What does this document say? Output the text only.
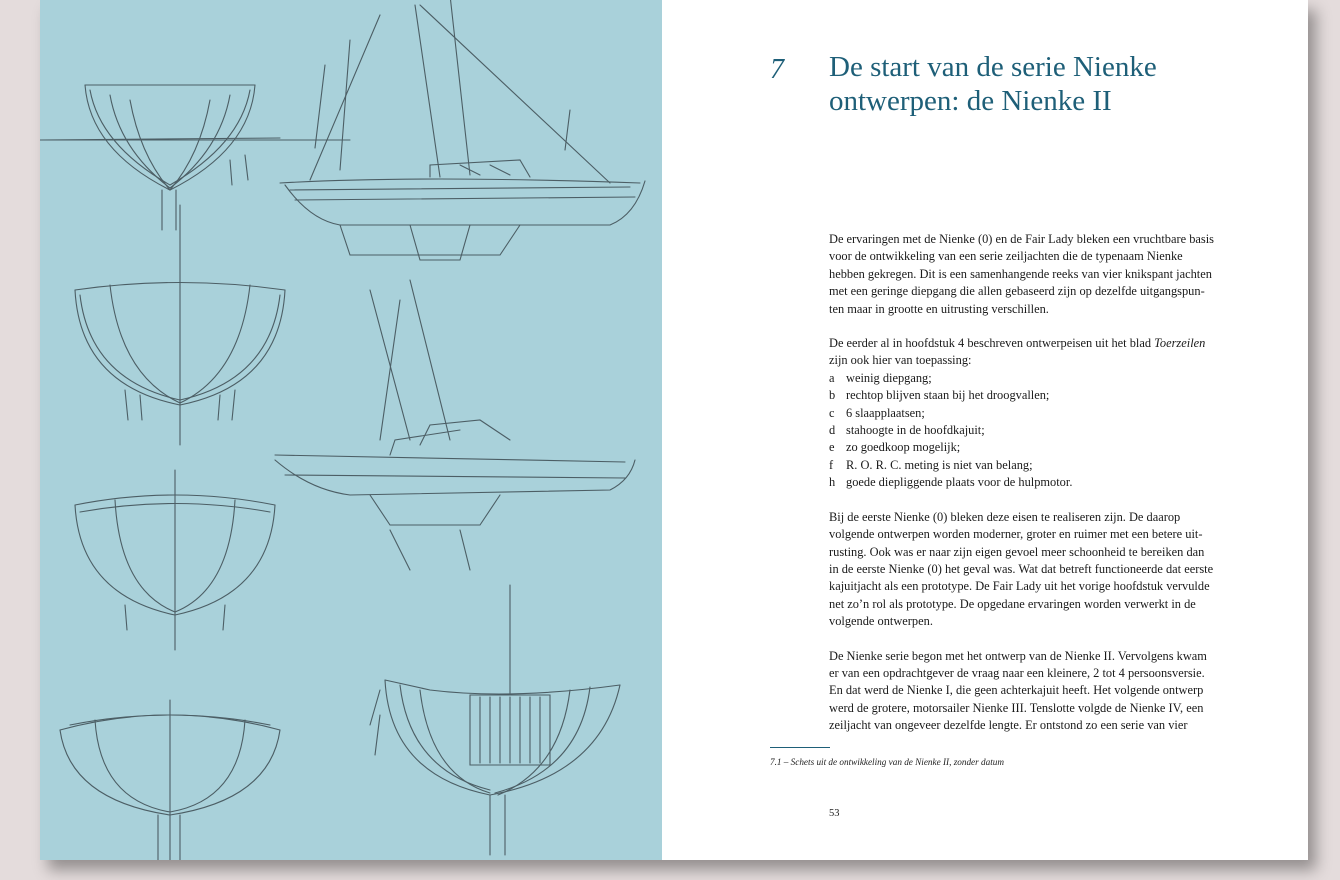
7 De start van de serie Nienke
ontwerpen: de Nienke II

De ervaringen met de Nienke (0) en de Fair Lady bleken een vruchtbare basis
voor de ontwikkeling van een serie zeiljachten die de typenaam Nienke
hebben gekregen. Dit is een samenhangende reeks van vier knikspant jachten
met een geringe diepgang die allen gebaseerd zijn op dezelfde uitgangspun-
ten maar in grootte en uitrusting verschillen.

De eerder al in hoofdstuk 4 beschreven ontwerpeisen uit het blad Toerzeilen
zijn ook hier van toepassing:

a weinig diepgang;
b rechtop blijven staan bij het droogvallen;
c 6 slaapplaatsen;
d stahoogte in de hoofdkajuit;
e zo goedkoop mogelijk;
f	R. O. R. C. meting is niet van belang;
h goede diepliggende plaats voor de hulpmotor.

Bij de eerste Nienke (0) bleken deze eisen te realiseren zijn. De daarop
volgende ontwerpen worden moderner, groter en ruimer met een betere uit-
rusting. Ook was er naar zijn eigen gevoel meer schoonheid te bereiken dan
in de eerste Nienke (0) het geval was. Wat dat betreft functioneerde dat eerste
kajuitjacht als een prototype. De Fair Lady uit het vorige hoofdstuk vervulde
net zo’n rol als prototype. De opgedane ervaringen worden verwerkt in de
volgende ontwerpen.

De Nienke serie begon met het ontwerp van de Nienke II. Vervolgens kwam
er van een opdrachtgever de vraag naar een kleinere, 2 tot 4 persoonsversie.
En dat werd de Nienke I, die geen achterkajuit heeft. Het volgende ontwerp
werd de grotere, motorsailer Nienke III. Tenslotte volgde de Nienke IV, een
zeiljacht van ongeveer dezelfde lengte. Er ontstond zo een serie van vier

7.1 – Schets uit de ontwikkeling van de Nienke II, zonder datum
53
